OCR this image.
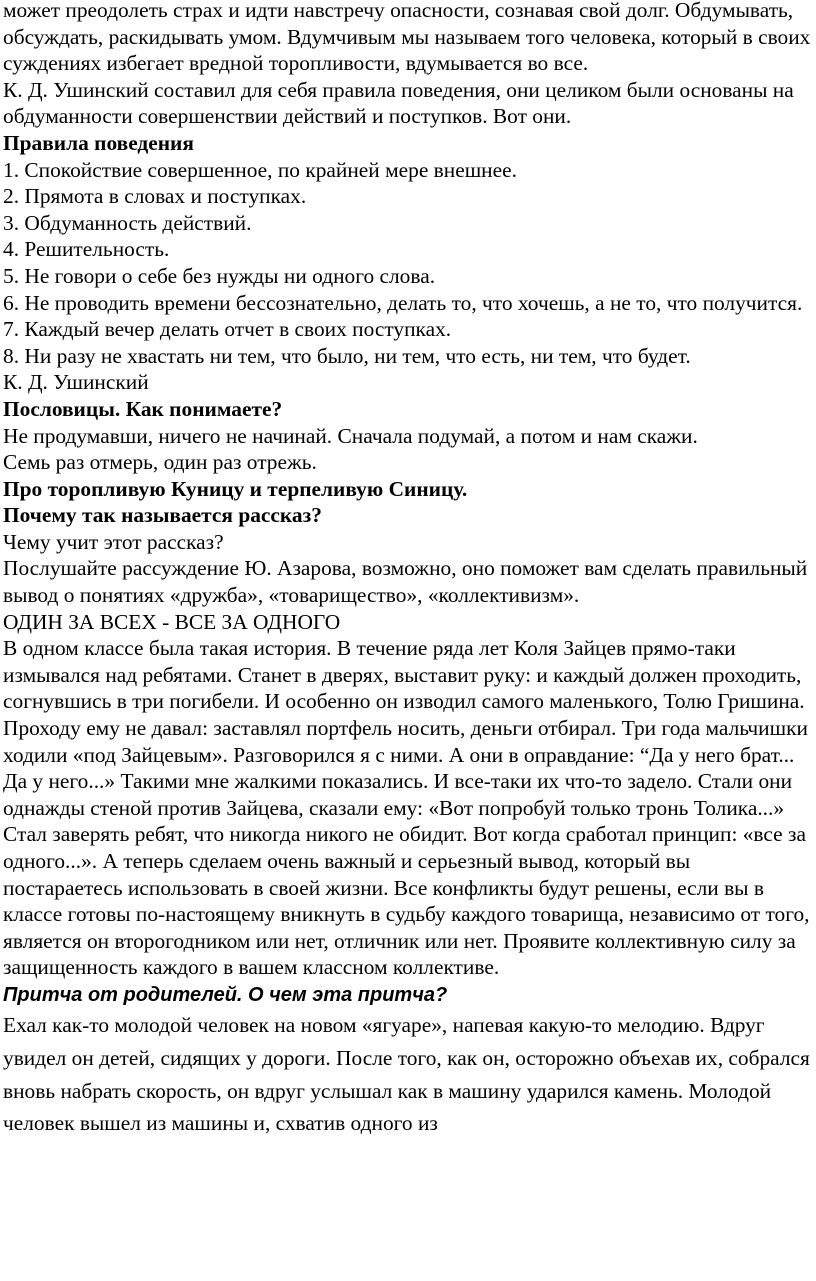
может преодолеть страх и идти навстречу опасности, сознавая свой долг. Обдумывать, обсуждать, раскидывать умом. Вдумчивым мы называем того человека, который в своих суждениях избегает вредной торопливости, вдумывается во все.

К. Д. Ушинский составил для себя правила поведения, они целиком были основаны на обдуманности совершенствии действий и поступков. Вот они.

Правила поведения

1. Спокойствие совершенное, по крайней мере внешнее.

2. Прямота в словах и поступках.

3. Обдуманность действий.

4. Решительность.

5. Не говори о себе без нужды ни одного слова.

6. Не проводить времени бессознательно, делать то, что хочешь, а не то, что получится.

7. Каждый вечер делать отчет в своих поступках.

8. Ни разу не хвастать ни тем, что было, ни тем, что есть, ни тем, что будет.

К. Д. Ушинский

Пословицы. Как понимаете?

Не продумавши, ничего не начинай. Сначала подумай, а потом и нам скажи.

Семь раз отмерь, один раз отрежь.

Про торопливую Куницу и терпеливую Синицу.

Почему так называется рассказ?

Чему учит этот рассказ?

Послушайте рассуждение Ю. Азарова, возможно, оно поможет вам сделать правильный вывод о понятиях «дружба», «товарищество», «коллективизм».

ОДИН ЗА ВСЕХ - ВСЕ ЗА ОДНОГО

В одном классе была такая история. В течение ряда лет Коля Зайцев прямо-таки измывался над ребятами. Станет в дверях, выставит руку: и каждый должен проходить, согнувшись в три погибели. И особенно он изводил самого маленького, Толю Гришина. Проходу ему не давал: заставлял портфель носить, деньги отбирал. Три года мальчишки ходили «под Зайцевым». Разговорился я с ними. А они в оправдание: “Да у него брат... Да у него...» Такими мне жалкими показались. И все-таки их что-то задело. Стали они однажды стеной против Зайцева, сказали ему: «Вот попробуй только тронь Толика...» Стал заверять ребят, что никогда никого не обидит. Вот когда сработал принцип: «все за одного...». А теперь сделаем очень важный и серьезный вывод, который вы постараетесь использовать в своей жизни. Все конфликты будут решены, если вы в классе готовы по-настоящему вникнуть в судьбу каждого товарища, независимо от того, является он второгодником или нет, отличник или нет. Проявите коллективную силу за защищенность каждого в вашем классном коллективе.

Притча от родителей. О чем эта притча?

Ехал как-то молодой человек на новом «ягуаре», напевая какую-то мелодию. Вдруг увидел он детей, сидящих у дороги. После того, как он, осторожно объехав их, собрался вновь набрать скорость, он вдруг услышал как в машину ударился камень. Молодой человек вышел из машины и, схватив одного из
